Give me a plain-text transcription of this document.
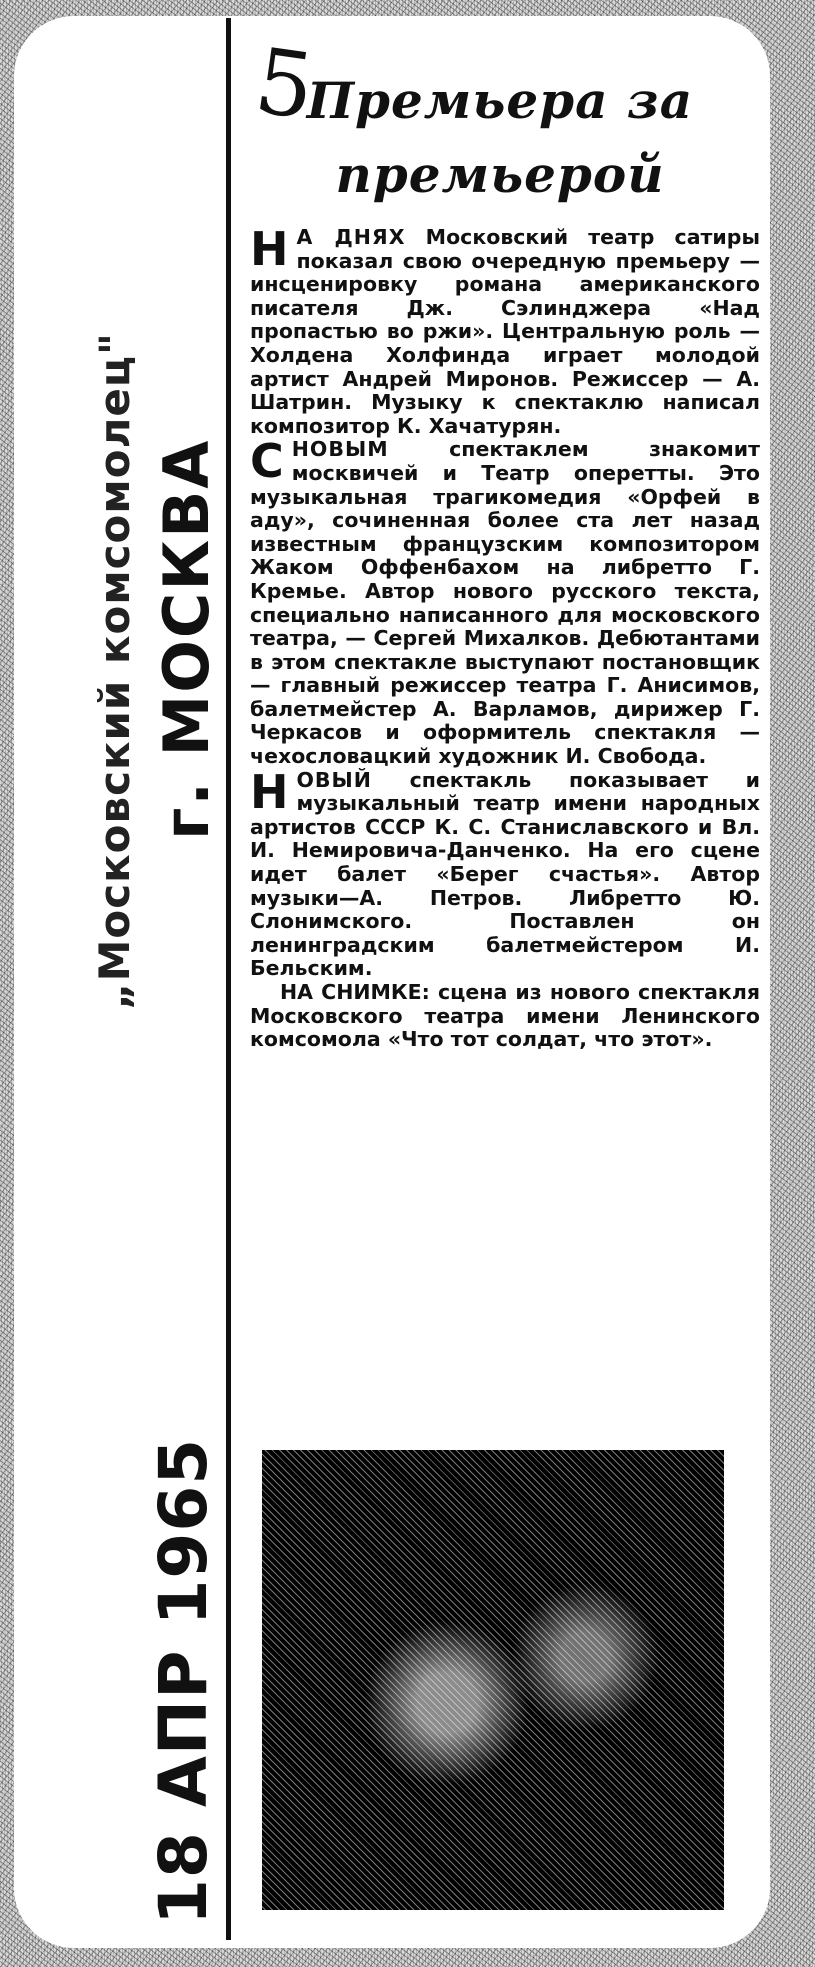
„Московский комсомолец" г. МОСКВА
18 АПР 1965
5
Премьера за премьерой

Н А ДНЯХ Московский театр сатиры показал свою очередную премьеру — инсценировку романа американского писателя Дж. Сэлинджера «Над пропастью во ржи». Центральную роль — Холдена Холфинда играет молодой артист Андрей Миронов. Режиссер — А. Шатрин. Музыку к спектаклю написал композитор К. Хачатурян.

СНОВЫМ спектаклем знакомит москвичей и Театр оперетты. Это музыкальная трагикомедия «Орфей в аду», сочиненная более ста лет назад известным французским композитором Жаком Оффенбахом на либретто Г. Кремье. Автор нового русского текста, специально написанного для московского театра, — Сергей Михалков. Дебютантами в этом спектакле выступают постановщик — главный режиссер театра Г. Анисимов, балетмейстер А. Варламов, дирижер Г. Черкасов и оформитель спектакля — чехословацкий художник И. Свобода.

НОВЫЙ спектакль показывает и музыкальный театр имени народных артистов СССР К. С. Станиславского и Вл. И. Немировича-Данченко. На его сцене идет балет «Берег счастья». Автор музыки—А. Петров. Либретто Ю. Слонимского. Поставлен он ленинградским балетмейстером И. Бельским.

НА СНИМКЕ: сцена из нового спектакля Московского театра имени Ленинского комсомола «Что тот солдат, что этот».
